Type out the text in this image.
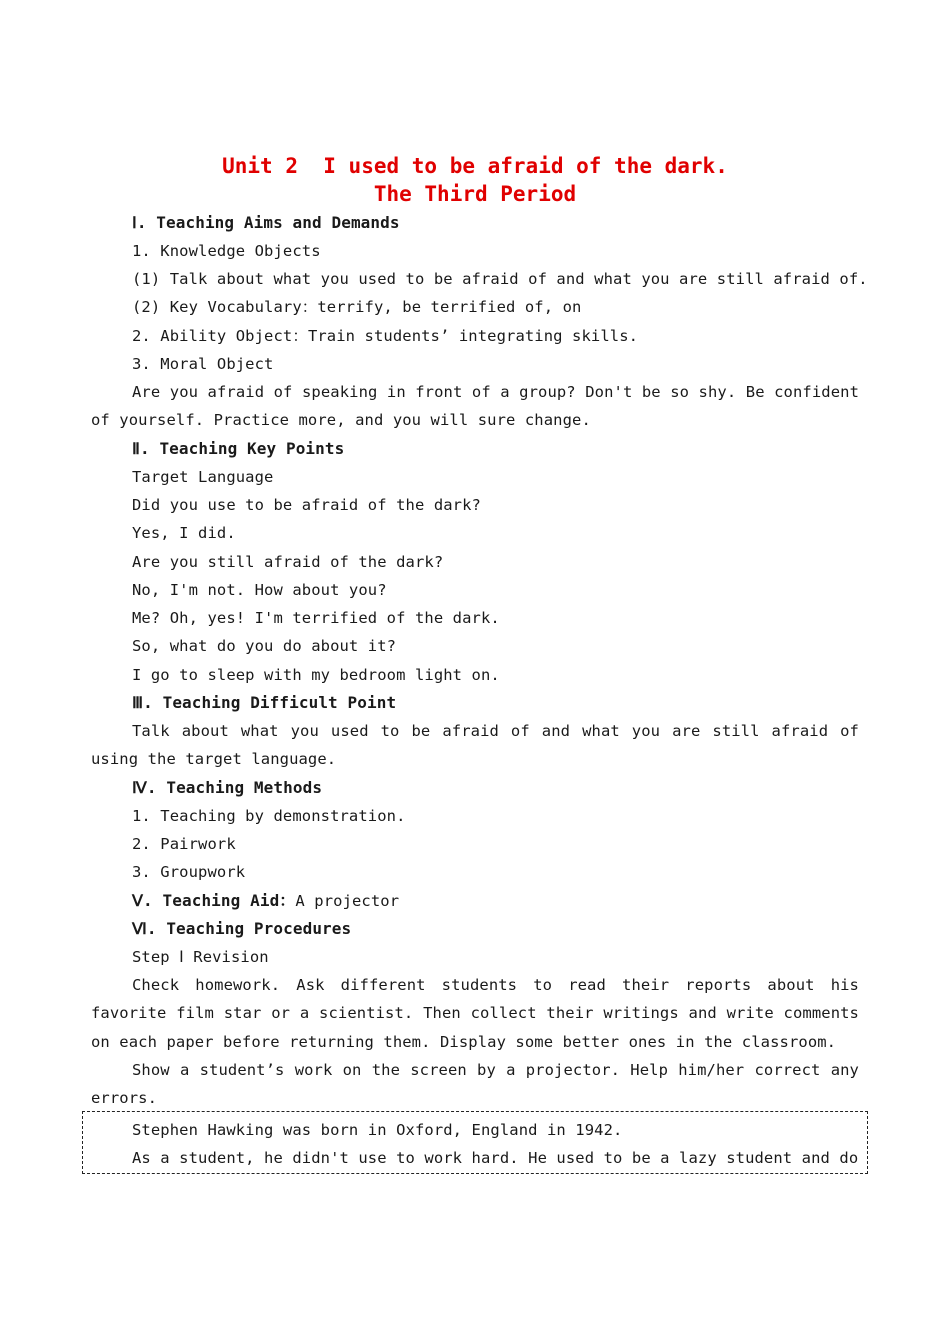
Unit 2  I used to be afraid of the dark.
The Third Period
Ⅰ. Teaching Aims and Demands
1. Knowledge Objects
(1) Talk about what you used to be afraid of and what you are still afraid of.
(2) Key Vocabulary：terrify, be terrified of, on
2. Ability Object：Train students’ integrating skills.
3. Moral Object
Are you afraid of speaking in front of a group? Don't be so shy. Be confident of yourself. Practice more, and you will sure change.
Ⅱ. Teaching Key Points
Target Language
Did you use to be afraid of the dark?
Yes, I did.
Are you still afraid of the dark?
No, I'm not. How about you?
Me? Oh, yes! I'm terrified of the dark.
So, what do you do about it?
I go to sleep with my bedroom light on.
Ⅲ. Teaching Difficult Point
Talk about what you used to be afraid of and what you are still afraid of using the target language.
Ⅳ. Teaching Methods
1. Teaching by demonstration.
2. Pairwork
3. Groupwork
Ⅴ. Teaching Aid：A projector
Ⅵ. Teaching Procedures
Step Ⅰ Revision
Check homework. Ask different students to read their reports about his favorite film star or a scientist. Then collect their writings and write comments on each paper before returning them. Display some better ones in the classroom.
Show a student’s work on the screen by a projector. Help him/her correct any errors.
Stephen Hawking was born in Oxford, England in 1942.
As a student, he didn't use to work hard. He used to be a lazy student and do
